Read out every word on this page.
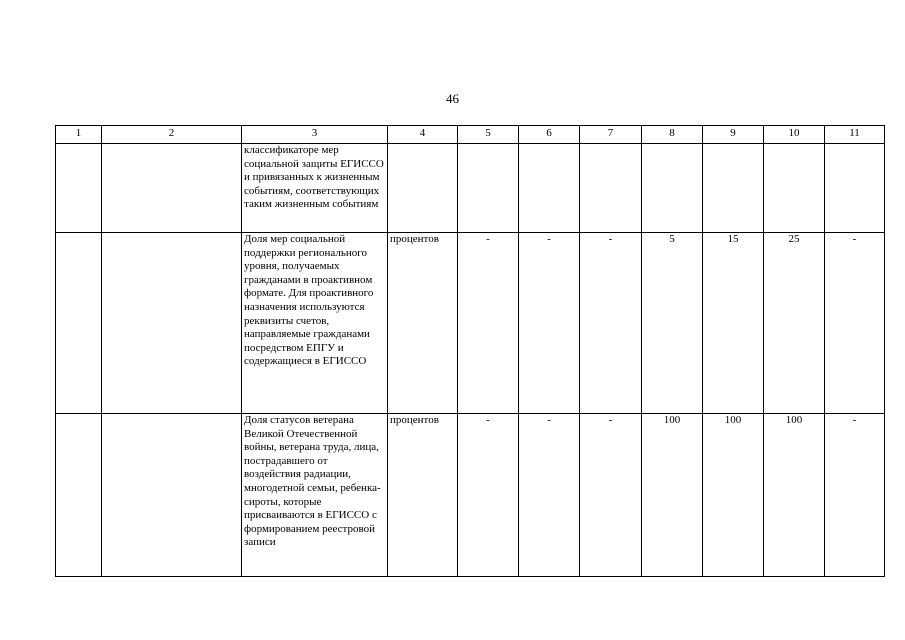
46
1	2	3	4	5	6	7	8	9	10	11
		классификаторе мер социальной защиты ЕГИССО и привязанных к жизненным событиям, соответствующих таким жизненным событиям								
		Доля мер социальной поддержки регионального уровня, получаемых гражданами в проактивном формате. Для проактивного назначения используются реквизиты счетов, направляемые гражданами посредством ЕПГУ и содержащиеся в ЕГИССО	процентов	-	-	-	5	15	25	-
		Доля статусов ветерана Великой Отечественной войны, ветерана труда, лица, пострадавшего от воздействия радиации, многодетной семьи, ребенка-сироты, которые присваиваются в ЕГИССО с формированием реестровой записи	процентов	-	-	-	100	100	100	-
